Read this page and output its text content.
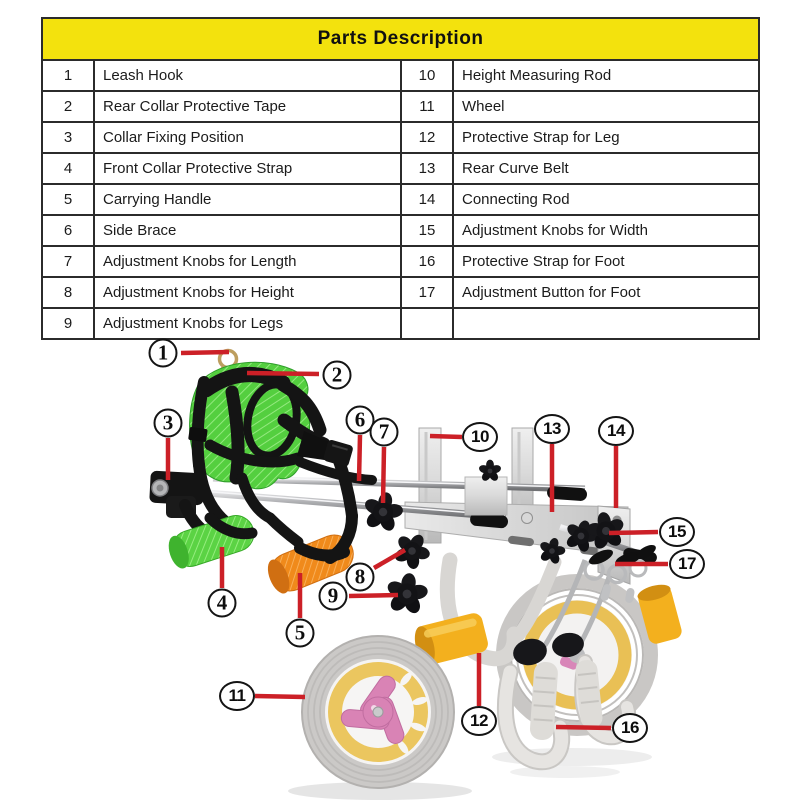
Parts Description			
1	Leash Hook	10	Height Measuring Rod
2	Rear Collar Protective Tape	11	Wheel
3	Collar Fixing Position	12	Protective Strap for Leg
4	Front Collar Protective Strap	13	Rear Curve Belt
5	Carrying Handle	14	Connecting Rod
6	Side Brace	15	Adjustment Knobs for Width
7	Adjustment Knobs for Length	16	Protective Strap for Foot
8	Adjustment Knobs for Height	17	Adjustment Button for Foot
9	Adjustment Knobs for Legs		
1
2
3
4
5
6 7
8
9
10
11
12
13	14
15
16
17
